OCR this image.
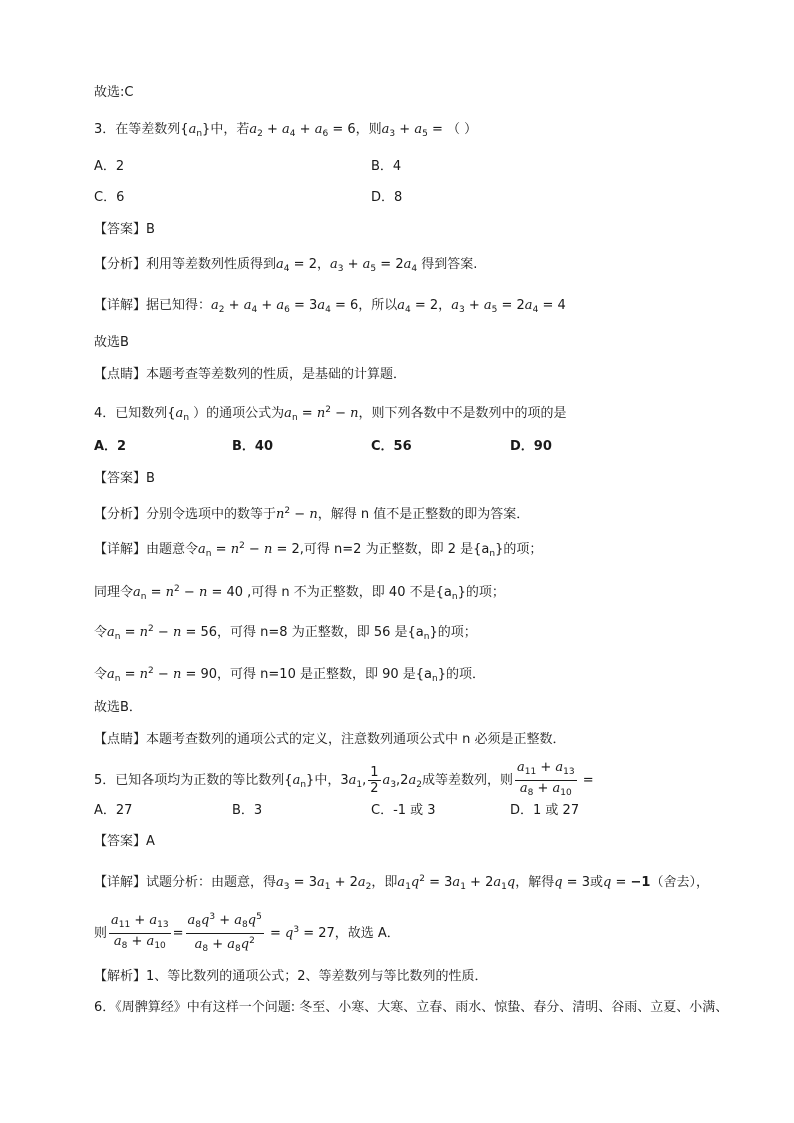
故选:C
3．在等差数列$\{a_n\}$中，若$a_2 + a_4 + a_6 = 6$，则$a_3 + a_5$ = （ ）
A．2	B．4
C．6	D．8
【答案】B
【分析】利用等差数列性质得到$a_4 = 2$，$a_3 + a_5 = 2a_4$ 得到答案.
【详解】据已知得：$a_2 + a_4 + a_6 = 3a_4 = 6$，所以$a_4 = 2$，$a_3 + a_5 = 2a_4 = 4$
故选B
【点睛】本题考查等差数列的性质，是基础的计算题．
4．已知数列{$a_n$ ）的通项公式为$a_n = n^2 - n$，则下列各数中不是数列中的项的是
A．2	B．40	C．56	D．90
【答案】B
【分析】分别令选项中的数等于$n^2 - n$，解得 n 值不是正整数的即为答案．
【详解】由题意令$a_n = n^2 - n = 2$,可得 n=2 为正整数，即 2 是$\{a_n\}$的项；
同理令$a_n = n^2 - n = 40$ ,可得 n 不为正整数，即 40 不是$\{a_n\}$的项；
令$a_n = n^2 - n = 56$，可得 n=8 为正整数，即 56 是$\{a_n\}$的项；
令$a_n = n^2 - n = 90$，可得 n=10 是正整数，即 90 是$\{a_n\}$的项．
故选B．
【点睛】本题考查数列的通项公式的定义，注意数列通项公式中 n 必须是正整数．
5．已知各项均为正数的等比数列$\{a_n\}$中，$3a_1$, $\frac{1}{2} a_3,2a_2$成等差数列，则 $\frac{a_{11} + a_{13}}{a_8 + a_{10}}$ =
A．27	B．3	C．-1 或 3	D．1 或 27
【答案】A
【详解】试题分析：由题意，得$a_3 = 3a_1 + 2a_2$，即$a_1q^2 = 3a_1 + 2a_1q$，解得q = 3或q = −1（舍去），
则 $\frac{a_{11} + a_{13}}{a_8 + a_{10}} = \frac{a_8q^3 + a_8q^5}{a_8 + a_8q^2} = q^3 = 27$，故选 A．
【解析】1、等比数列的通项公式；2、等差数列与等比数列的性质．
6．《周髀算经》中有这样一个问题: 冬至、小寒、大寒、立春、雨水、惊蛰、春分、清明、谷雨、立夏、小满、
